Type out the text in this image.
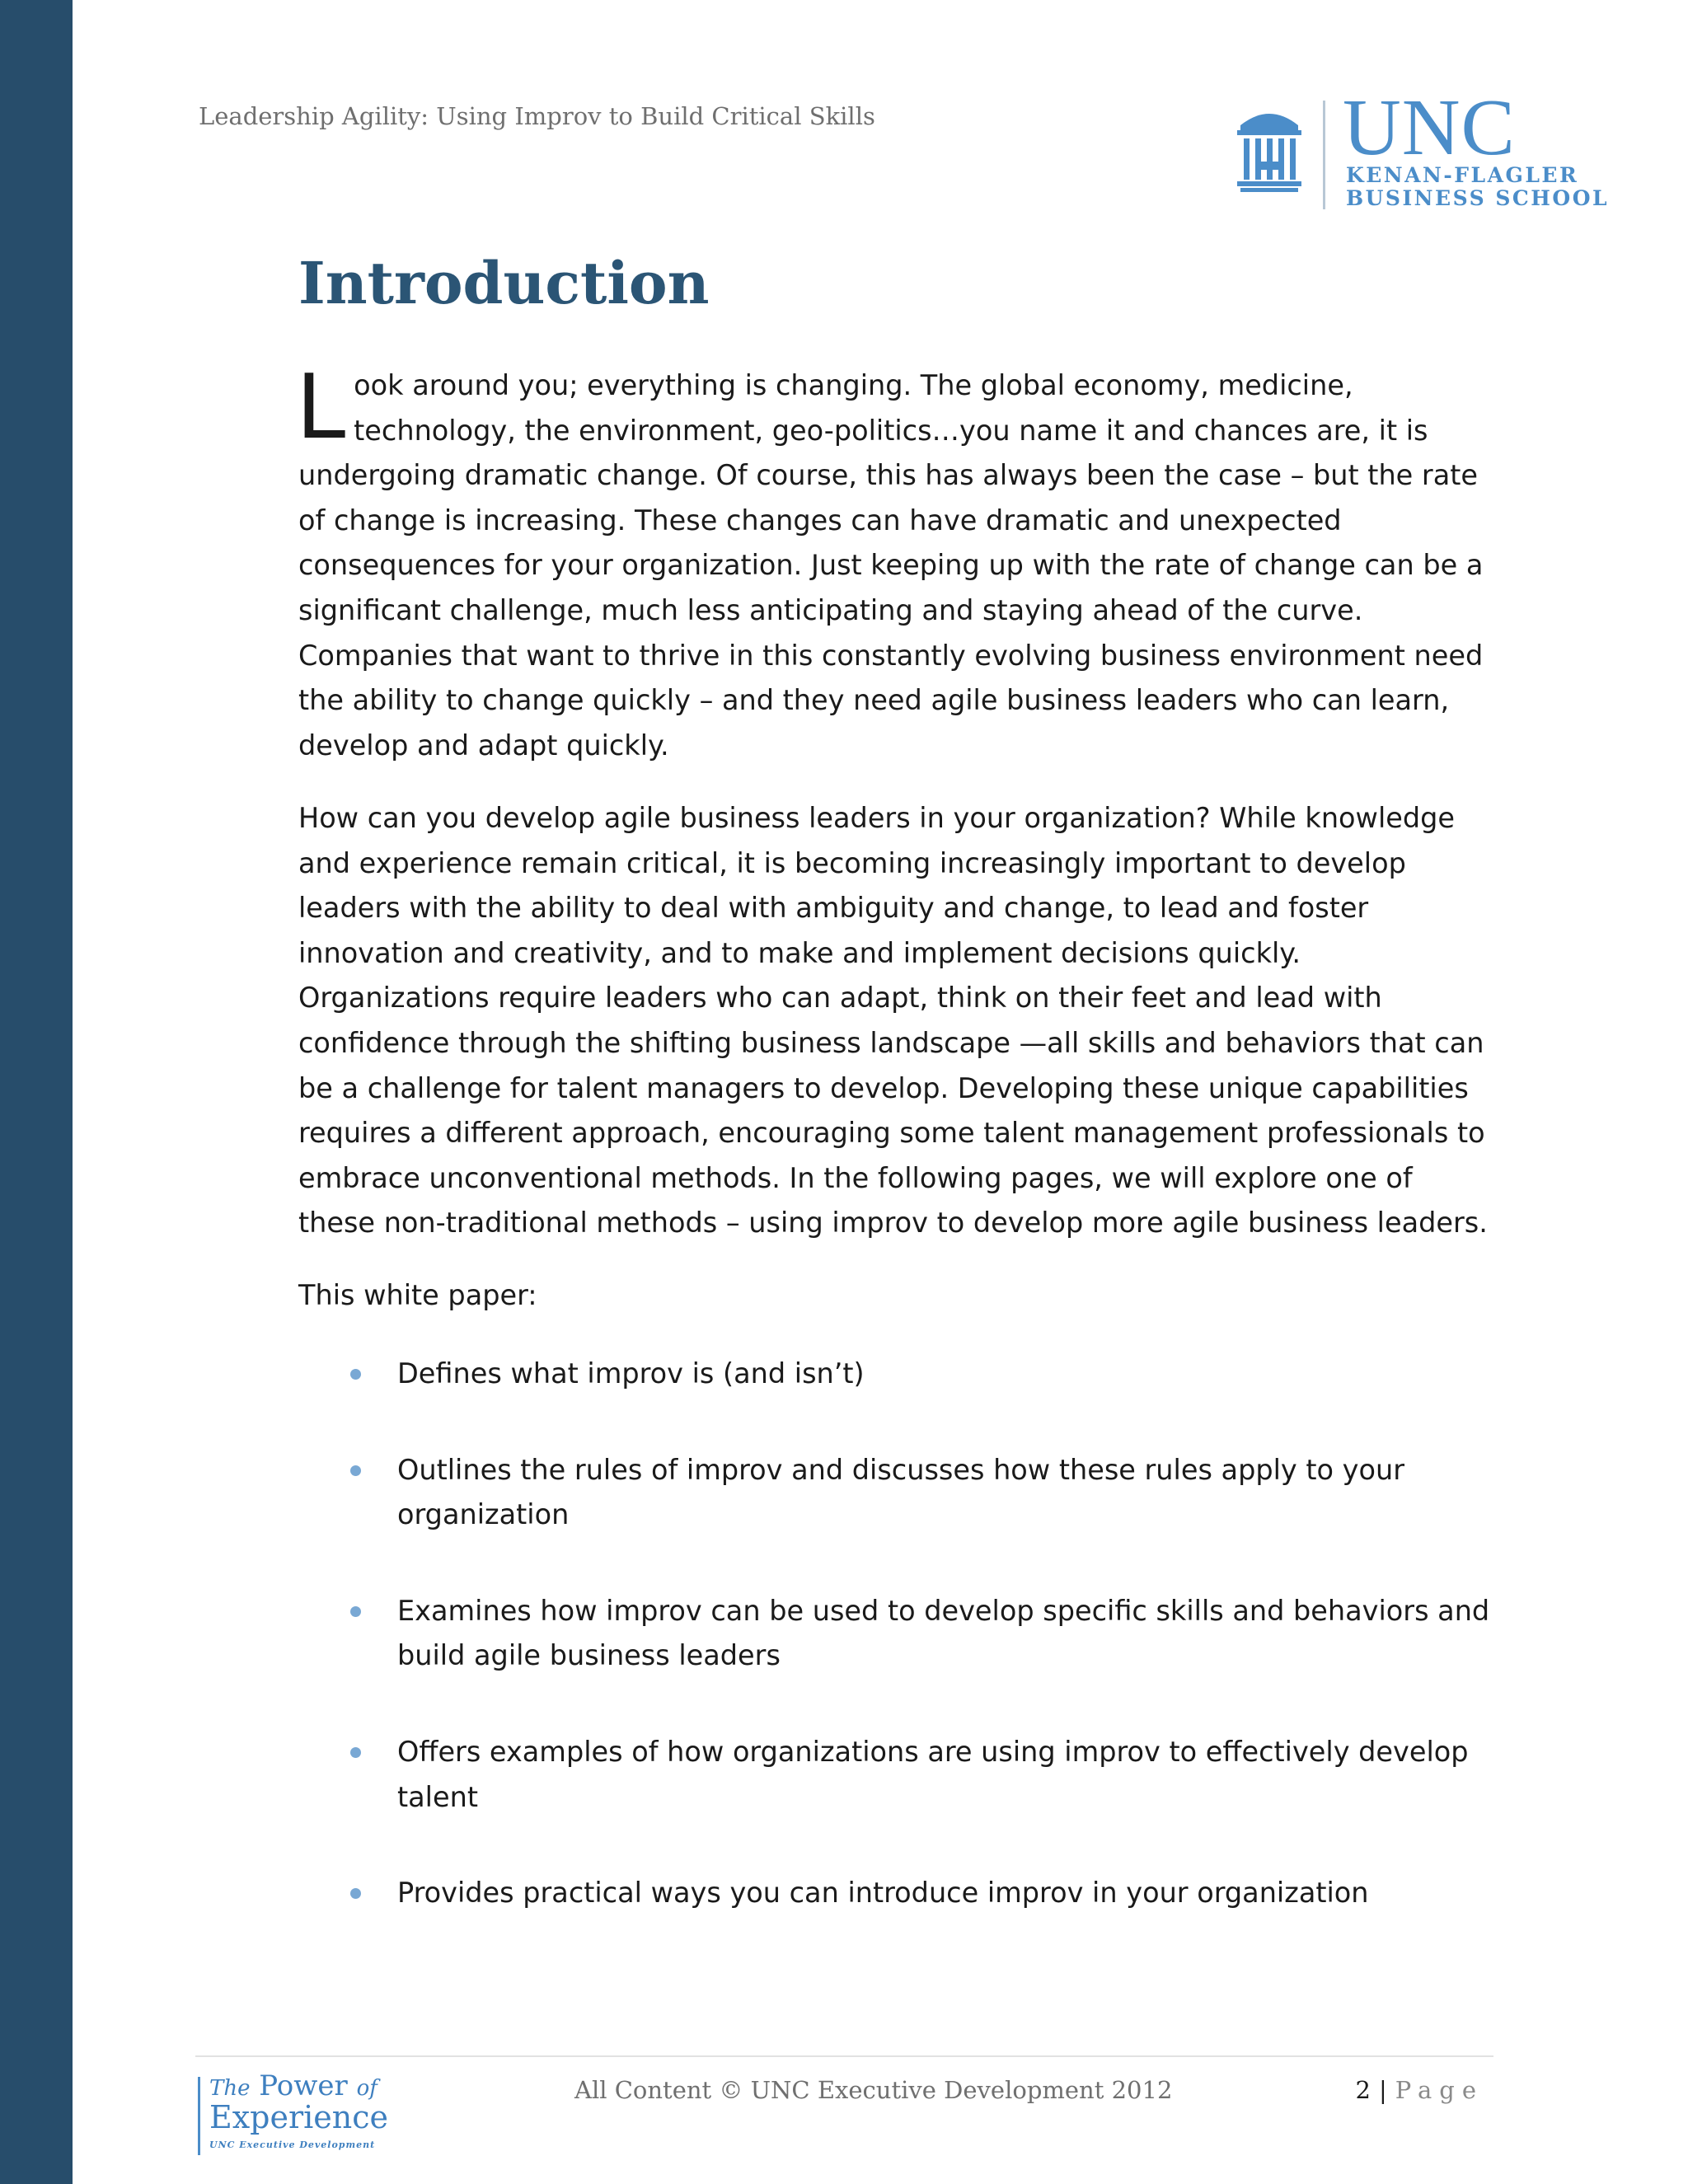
Leadership Agility: Using Improv to Build Critical Skills	UNC
KENAN-FLAGLER
BUSINESS SCHOOL
Introduction

Look around you; everything is changing. The global economy, medicine, technology, the environment, geo-politics…you name it and chances are, it is undergoing dramatic change. Of course, this has always been the case – but the rate of change is increasing. These changes can have dramatic and unexpected consequences for your organization. Just keeping up with the rate of change can be a significant challenge, much less anticipating and staying ahead of the curve. Companies that want to thrive in this constantly evolving business environment need the ability to change quickly – and they need agile business leaders who can learn, develop and adapt quickly.

How can you develop agile business leaders in your organization? While knowledge and experience remain critical, it is becoming increasingly important to develop leaders with the ability to deal with ambiguity and change, to lead and foster innovation and creativity, and to make and implement decisions quickly. Organizations require leaders who can adapt, think on their feet and lead with confidence through the shifting business landscape —all skills and behaviors that can be a challenge for talent managers to develop. Developing these unique capabilities requires a different approach, encouraging some talent management professionals to embrace unconventional methods. In the following pages, we will explore one of these non-traditional methods – using improv to develop more agile business leaders.

This white paper:

Defines what improv is (and isn’t)
Outlines the rules of improv and discusses how these rules apply to your organization
Examines how improv can be used to develop specific skills and behaviors and build agile business leaders
Offers examples of how organizations are using improv to effectively develop talent
Provides practical ways you can introduce improv in your organization
The Power of
Experience
UNC Executive Development
All Content © UNC Executive Development 2012	2 | Page
